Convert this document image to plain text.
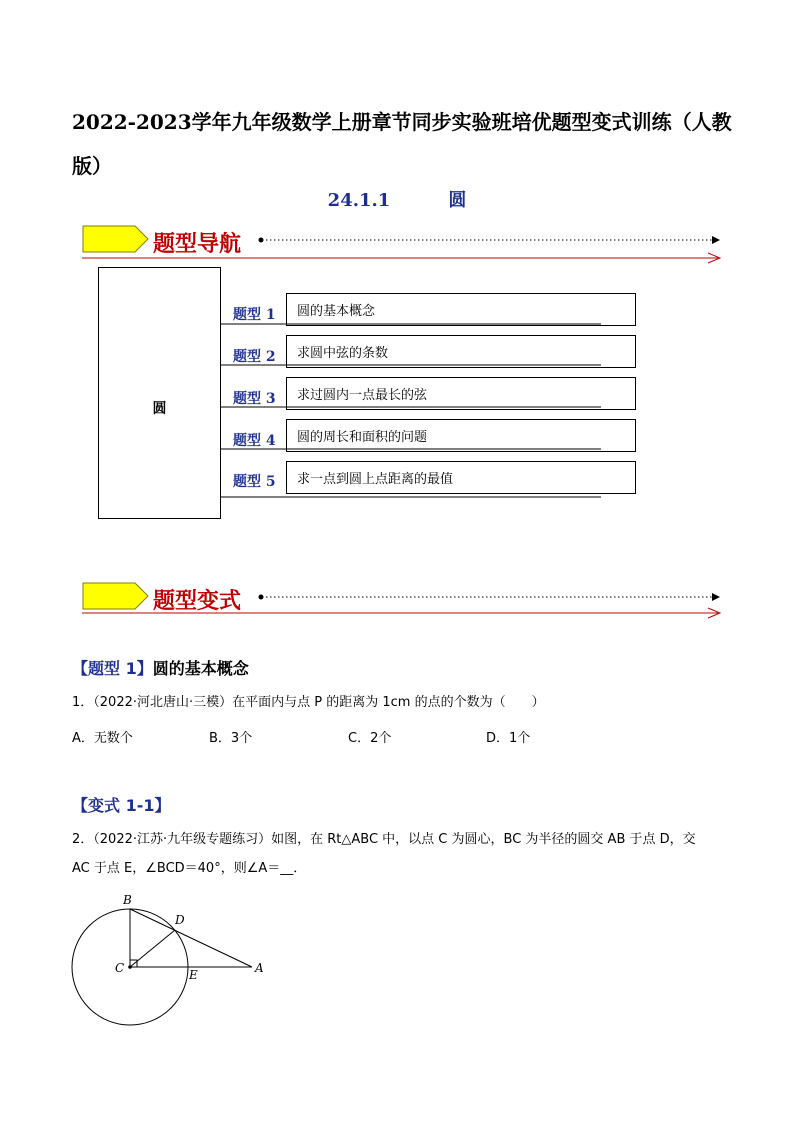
2022-2023学年九年级数学上册章节同步实验班培优题型变式训练（人教版）
24.1.1	圆
题型导航
圆
题型 1	圆的基本概念
题型 2	求圆中弦的条数
题型 3	求过圆内一点最长的弦
题型 4	圆的周长和面积的问题
题型 5	求一点到圆上点距离的最值
题型变式
【题型 1】圆的基本概念
1．（2022·河北唐山·三模）在平面内与点 P 的距离为 1cm 的点的个数为（　　）
A．无数个	B．3个	C．2个	D．1个
【变式 1-1】
2．（2022·江苏·九年级专题练习）如图，在 Rt△ABC 中，以点 C 为圆心，BC 为半径的圆交 AB 于点 D，交
AC 于点 E，∠BCD＝40°，则∠A＝__．
B
D
C	E	A
